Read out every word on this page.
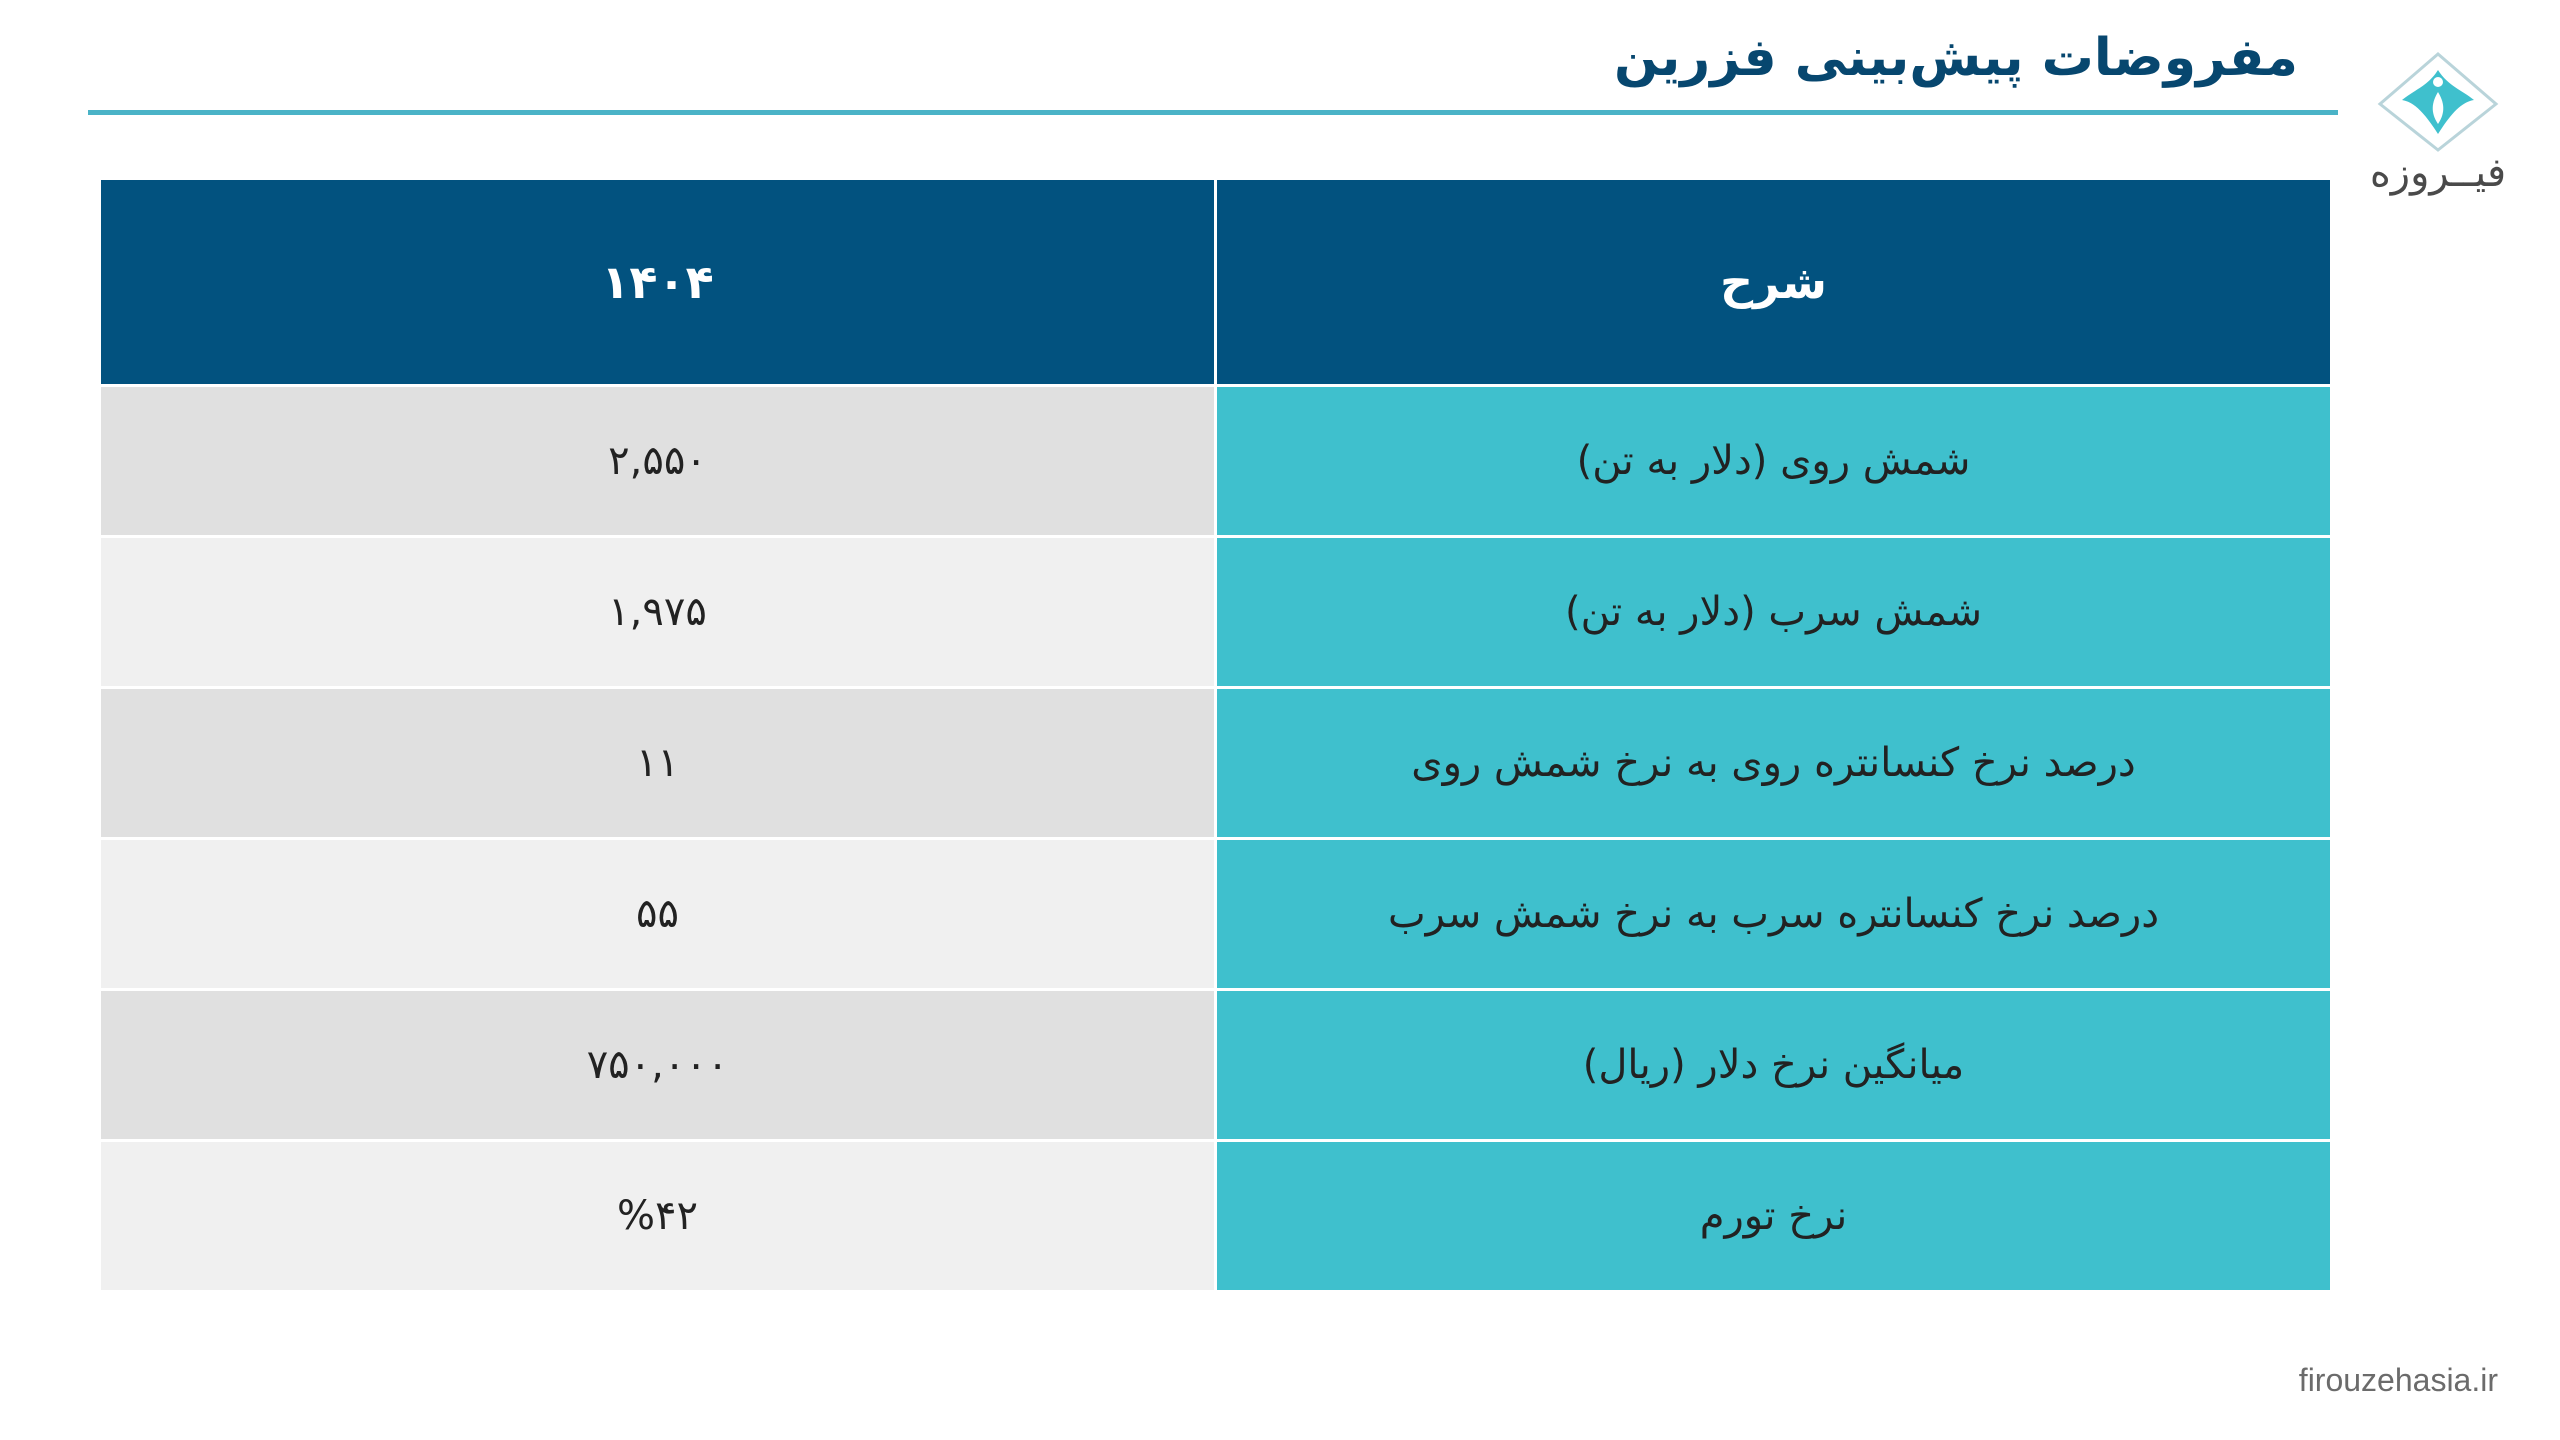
مفروضات پیش‌بینی فزرین
فیــروزه
۱۴۰۴	شرح
۲,۵۵۰	شمش روی (دلار به تن)
۱,۹۷۵	شمش سرب (دلار به تن)
۱۱	درصد نرخ کنسانتره روی به نرخ شمش روی
۵۵	درصد نرخ کنسانتره سرب به نرخ شمش سرب
۷۵۰,۰۰۰	میانگین نرخ دلار (ریال)
%۴۲	نرخ تورم
firouzehasia.ir
